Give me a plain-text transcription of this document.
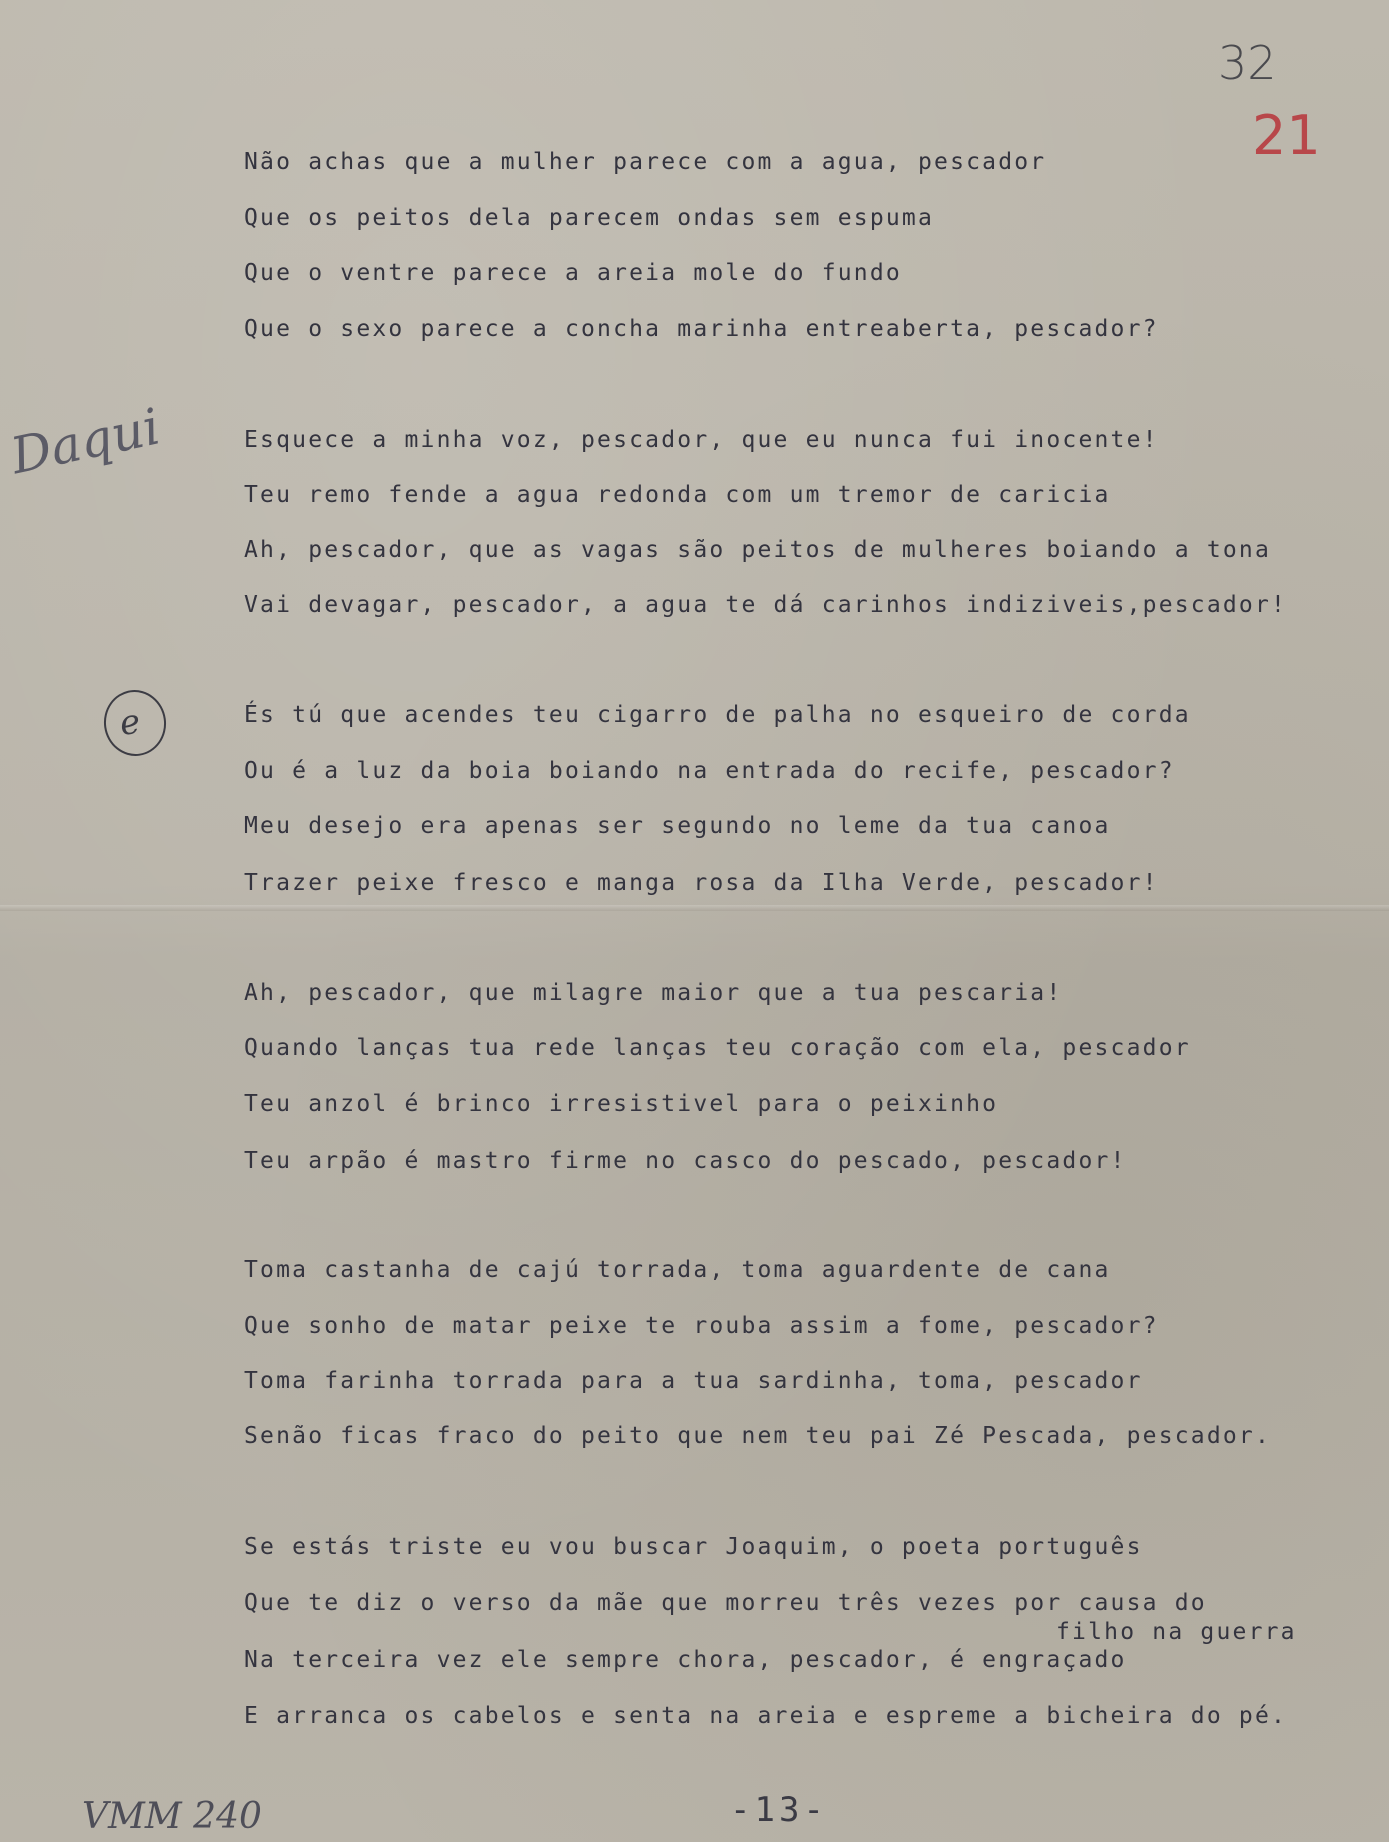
32
21
Daqui
e
Não achas que a mulher parece com a agua, pescador
Que os peitos dela parecem ondas sem espuma
Que o ventre parece a areia mole do fundo
Que o sexo parece a concha marinha entreaberta, pescador?
Esquece a minha voz, pescador, que eu nunca fui inocente!
Teu remo fende a agua redonda com um tremor de caricia
Ah, pescador, que as vagas são peitos de mulheres boiando a tona
Vai devagar, pescador, a agua te dá carinhos indiziveis,pescador!
És tú que acendes teu cigarro de palha no esqueiro de corda
Ou é a luz da boia boiando na entrada do recife, pescador?
Meu desejo era apenas ser segundo no leme da tua canoa
Trazer peixe fresco e manga rosa da Ilha Verde, pescador!
Ah, pescador, que milagre maior que a tua pescaria!
Quando lanças tua rede lanças teu coração com ela, pescador
Teu anzol é brinco irresistivel para o peixinho
Teu arpão é mastro firme no casco do pescado, pescador!
Toma castanha de cajú torrada, toma aguardente de cana
Que sonho de matar peixe te rouba assim a fome, pescador?
Toma farinha torrada para a tua sardinha, toma, pescador
Senão ficas fraco do peito que nem teu pai Zé Pescada, pescador.
Se estás triste eu vou buscar Joaquim, o poeta português
Que te diz o verso da mãe que morreu três vezes por causa do
filho na guerra
Na terceira vez ele sempre chora, pescador, é engraçado
E arranca os cabelos e senta na areia e espreme a bicheira do pé.
VMM 240	-13-
